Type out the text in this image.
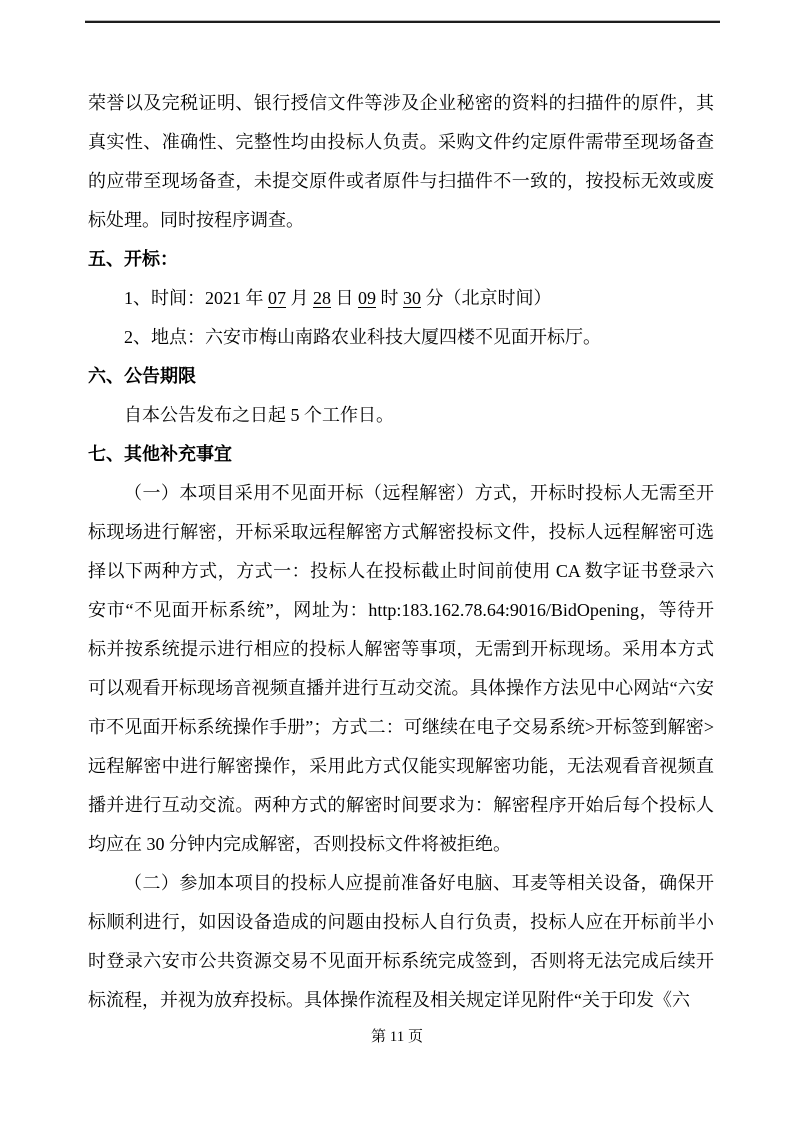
荣誉以及完税证明、银行授信文件等涉及企业秘密的资料的扫描件的原件，其真实性、准确性、完整性均由投标人负责。采购文件约定原件需带至现场备查的应带至现场备查，未提交原件或者原件与扫描件不一致的，按投标无效或废标处理。同时按程序调查。
五、开标：
1、时间：2021 年 07 月 28 日 09 时 30 分（北京时间）
2、地点：六安市梅山南路农业科技大厦四楼不见面开标厅。
六、公告期限
自本公告发布之日起 5 个工作日。
七、其他补充事宜
（一）本项目采用不见面开标（远程解密）方式，开标时投标人无需至开标现场进行解密，开标采取远程解密方式解密投标文件，投标人远程解密可选择以下两种方式，方式一：投标人在投标截止时间前使用 CA 数字证书登录六安市“不见面开标系统”，网址为：http:183.162.78.64:9016/BidOpening，等待开标并按系统提示进行相应的投标人解密等事项，无需到开标现场。采用本方式可以观看开标现场音视频直播并进行互动交流。具体操作方法见中心网站“六安市不见面开标系统操作手册”；方式二：可继续在电子交易系统>开标签到解密>远程解密中进行解密操作，采用此方式仅能实现解密功能，无法观看音视频直播并进行互动交流。两种方式的解密时间要求为：解密程序开始后每个投标人均应在 30 分钟内完成解密，否则投标文件将被拒绝。
（二）参加本项目的投标人应提前准备好电脑、耳麦等相关设备，确保开标顺利进行，如因设备造成的问题由投标人自行负责，投标人应在开标前半小时登录六安市公共资源交易不见面开标系统完成签到，否则将无法完成后续开标流程，并视为放弃投标。具体操作流程及相关规定详见附件“关于印发《六
第 11 页
